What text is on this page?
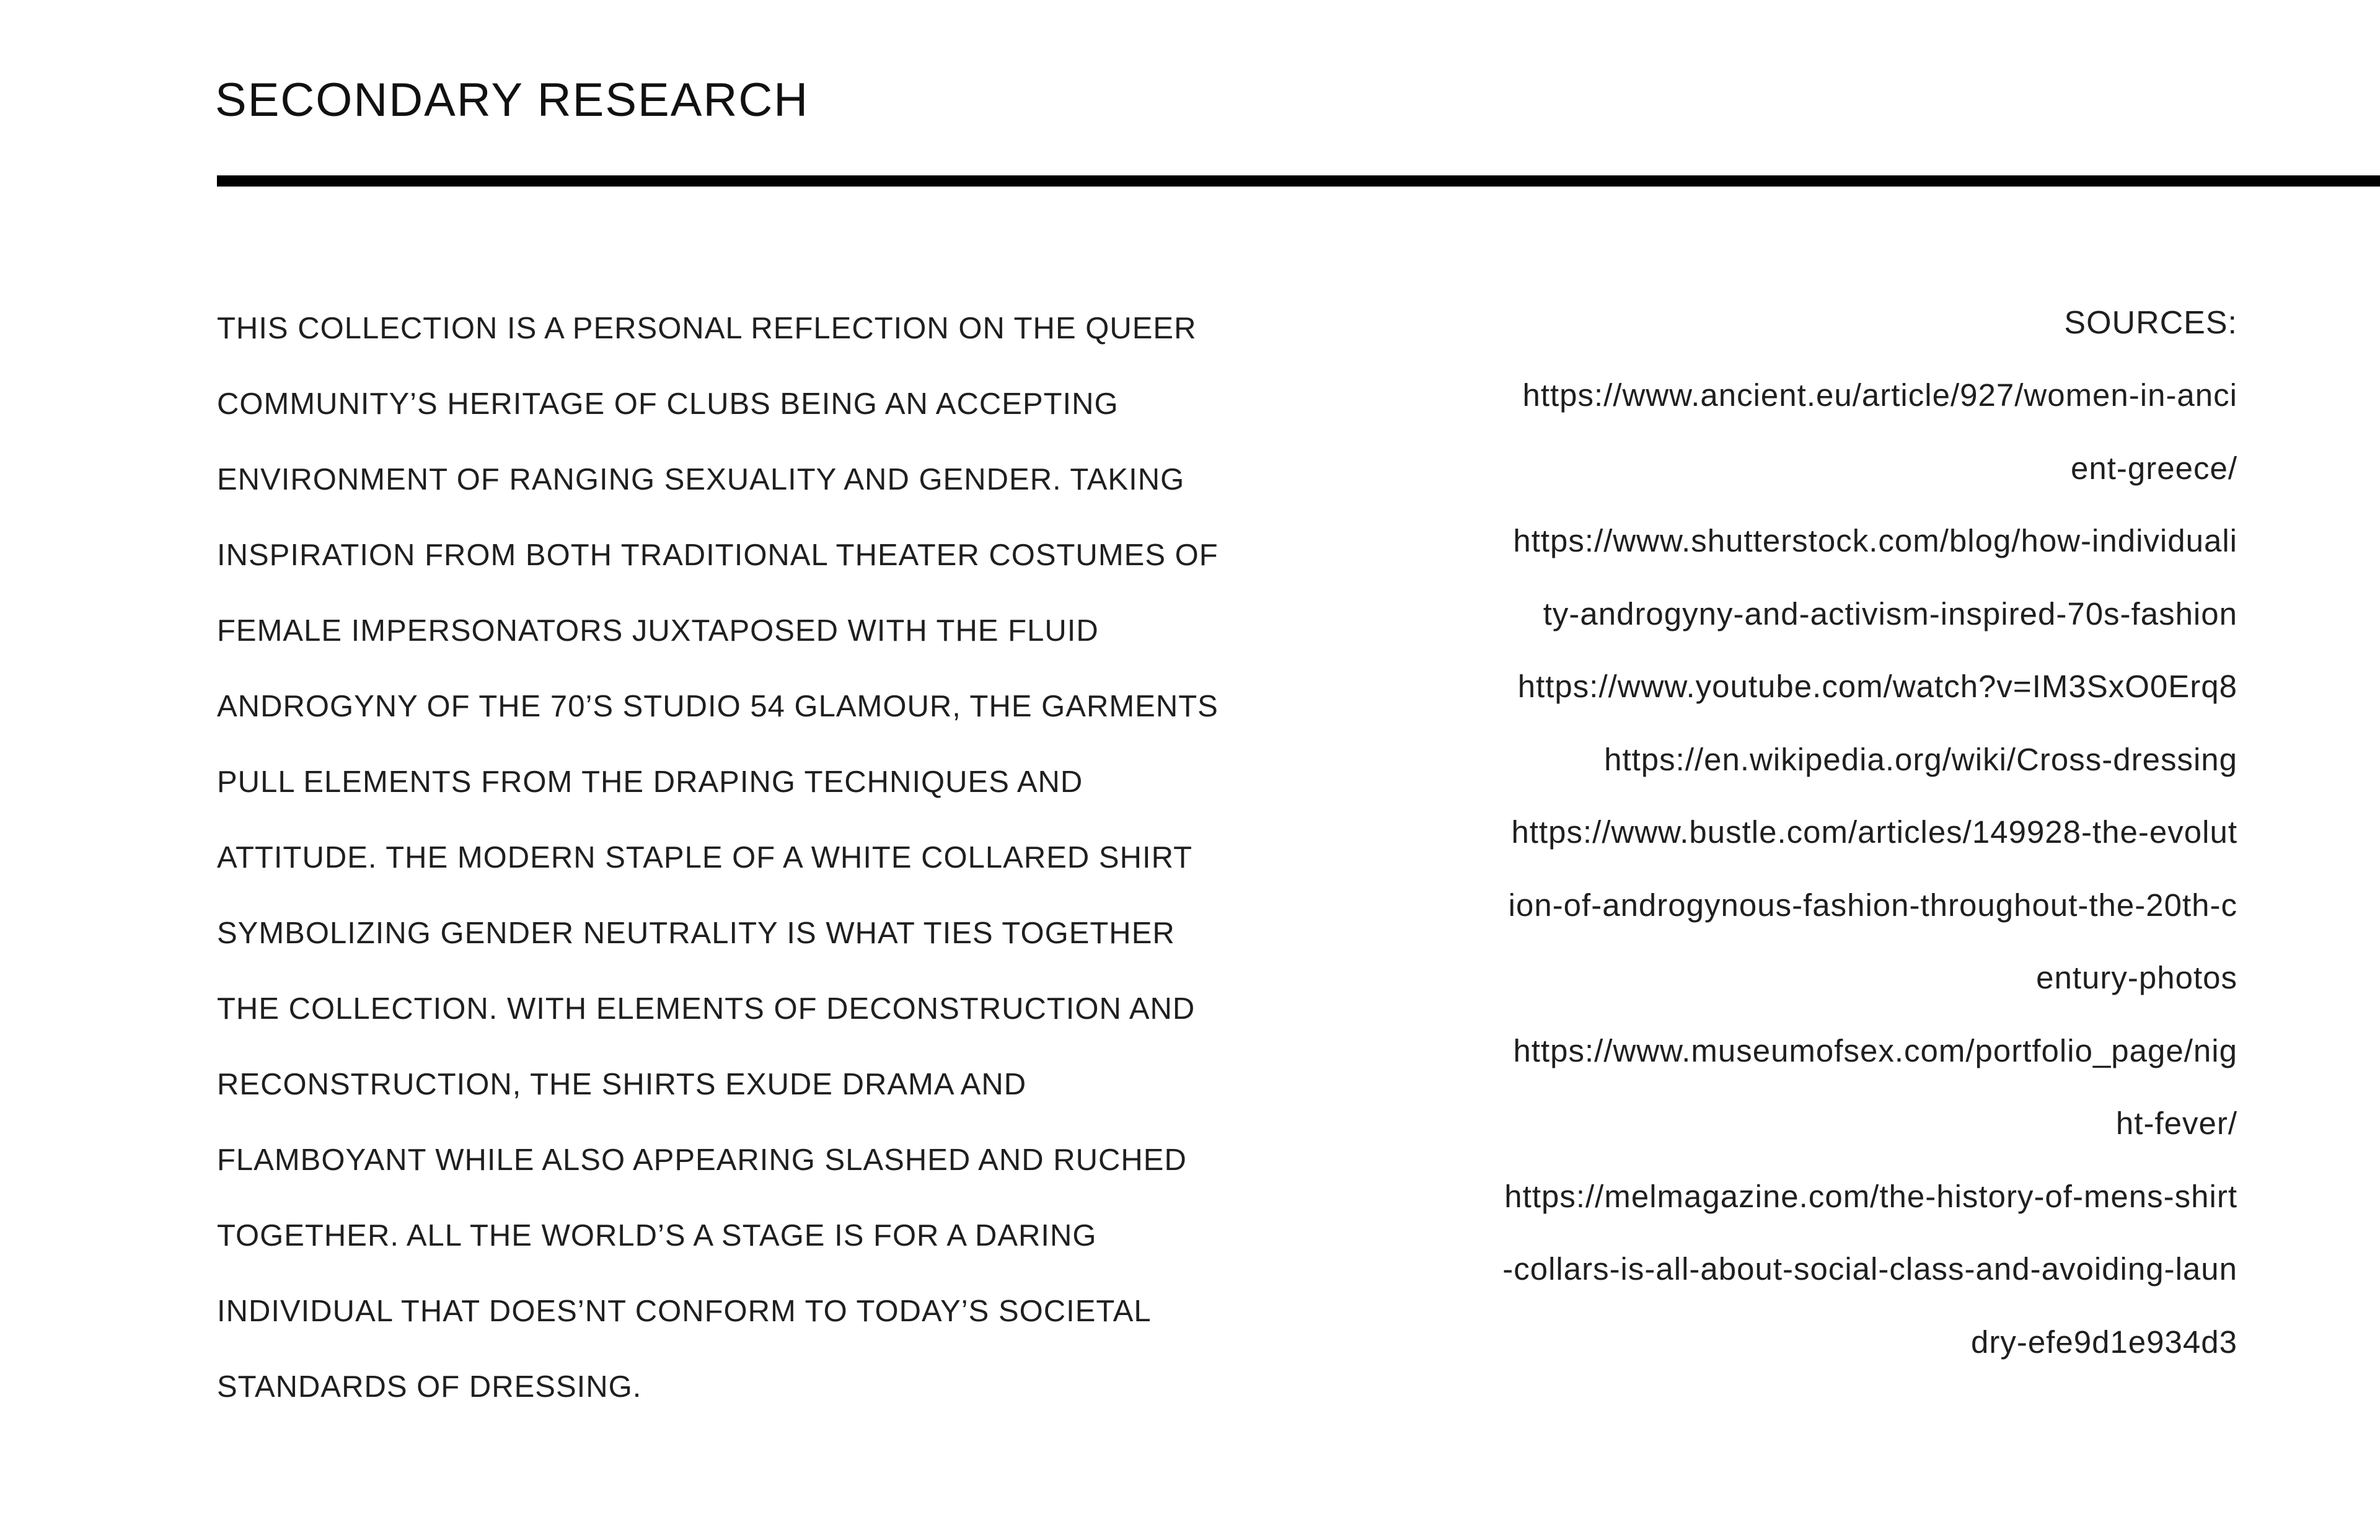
SECONDARY RESEARCH
THIS COLLECTION IS A PERSONAL REFLECTION ON THE QUEER
COMMUNITY’S HERITAGE OF CLUBS BEING AN ACCEPTING
ENVIRONMENT OF RANGING SEXUALITY AND GENDER. TAKING
INSPIRATION FROM BOTH TRADITIONAL THEATER COSTUMES OF
FEMALE IMPERSONATORS JUXTAPOSED WITH THE FLUID
ANDROGYNY OF THE 70’S STUDIO 54 GLAMOUR, THE GARMENTS
PULL ELEMENTS FROM THE DRAPING TECHNIQUES AND
ATTITUDE. THE MODERN STAPLE OF A WHITE COLLARED SHIRT
SYMBOLIZING GENDER NEUTRALITY IS WHAT TIES TOGETHER
THE COLLECTION. WITH ELEMENTS OF DECONSTRUCTION AND
RECONSTRUCTION, THE SHIRTS EXUDE DRAMA AND
FLAMBOYANT WHILE ALSO APPEARING SLASHED AND RUCHED
TOGETHER. ALL THE WORLD’S A STAGE IS FOR A DARING
INDIVIDUAL THAT DOES’NT CONFORM TO TODAY’S SOCIETAL
STANDARDS OF DRESSING.
SOURCES:
https://www.ancient.eu/article/927/women-in-anci
ent-greece/
https://www.shutterstock.com/blog/how-individuali
ty-androgyny-and-activism-inspired-70s-fashion
https://www.youtube.com/watch?v=IM3SxO0Erq8
https://en.wikipedia.org/wiki/Cross-dressing
https://www.bustle.com/articles/149928-the-evolut
ion-of-androgynous-fashion-throughout-the-20th-c
entury-photos
https://www.museumofsex.com/portfolio_page/nig
ht-fever/
https://melmagazine.com/the-history-of-mens-shirt
-collars-is-all-about-social-class-and-avoiding-laun
dry-efe9d1e934d3
